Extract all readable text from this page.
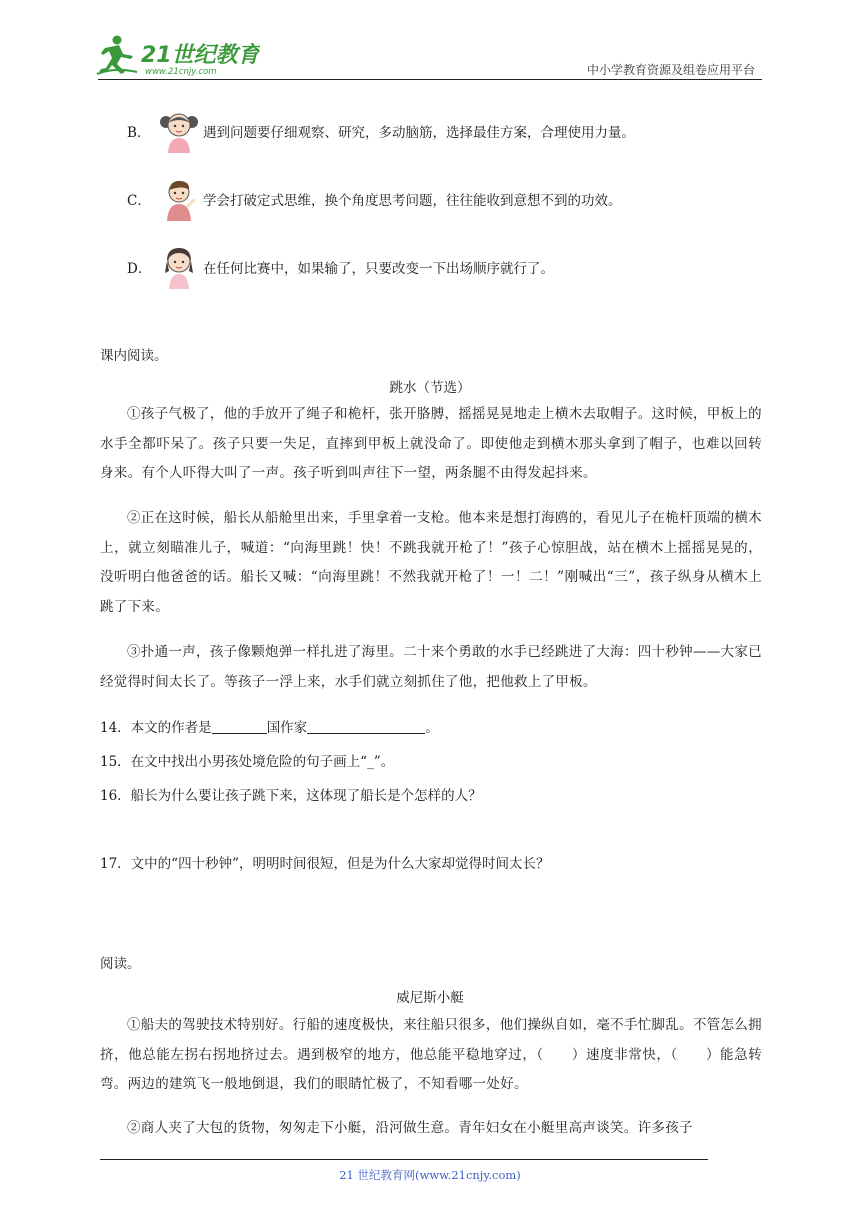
21世纪教育
www.21cnjy.com	中小学教育资源及组卷应用平台
B．	遇到问题要仔细观察、研究，多动脑筋，选择最佳方案，合理使用力量。
C．	学会打破定式思维，换个角度思考问题，往往能收到意想不到的功效。
D．	在任何比赛中，如果输了，只要改变一下出场顺序就行了。
课内阅读。
跳水（节选）
①孩子气极了，他的手放开了绳子和桅杆，张开胳膊，摇摇晃晃地走上横木去取帽子。这时候，甲板上的水手全都吓呆了。孩子只要一失足，直摔到甲板上就没命了。即使他走到横木那头拿到了帽子，也难以回转身来。有个人吓得大叫了一声。孩子听到叫声往下一望，两条腿不由得发起抖来。
②正在这时候，船长从船舱里出来，手里拿着一支枪。他本来是想打海鸥的，看见儿子在桅杆顶端的横木上，就立刻瞄准儿子，喊道：“向海里跳！快！不跳我就开枪了！”孩子心惊胆战，站在横木上摇摇晃晃的，没听明白他爸爸的话。船长又喊：“向海里跳！不然我就开枪了！一！二！”刚喊出“三”，孩子纵身从横木上跳了下来。
③扑通一声，孩子像颗炮弹一样扎进了海里。二十来个勇敢的水手已经跳进了大海：四十秒钟——大家已经觉得时间太长了。等孩子一浮上来，水手们就立刻抓住了他，把他救上了甲板。
14．本文的作者是	国作家	。
15．在文中找出小男孩处境危险的句子画上“_”。
16．船长为什么要让孩子跳下来，这体现了船长是个怎样的人？
17．文中的“四十秒钟”，明明时间很短，但是为什么大家却觉得时间太长？
阅读。
威尼斯小艇
①船夫的驾驶技术特别好。行船的速度极快，来往船只很多，他们操纵自如，毫不手忙脚乱。不管怎么拥挤，他总能左拐右拐地挤过去。遇到极窄的地方，他总能平稳地穿过，（　　）速度非常快，（　　）能急转弯。两边的建筑飞一般地倒退，我们的眼睛忙极了，不知看哪一处好。
②商人夹了大包的货物，匆匆走下小艇，沿河做生意。青年妇女在小艇里高声谈笑。许多孩子
21 世纪教育网(www.21cnjy.com)
